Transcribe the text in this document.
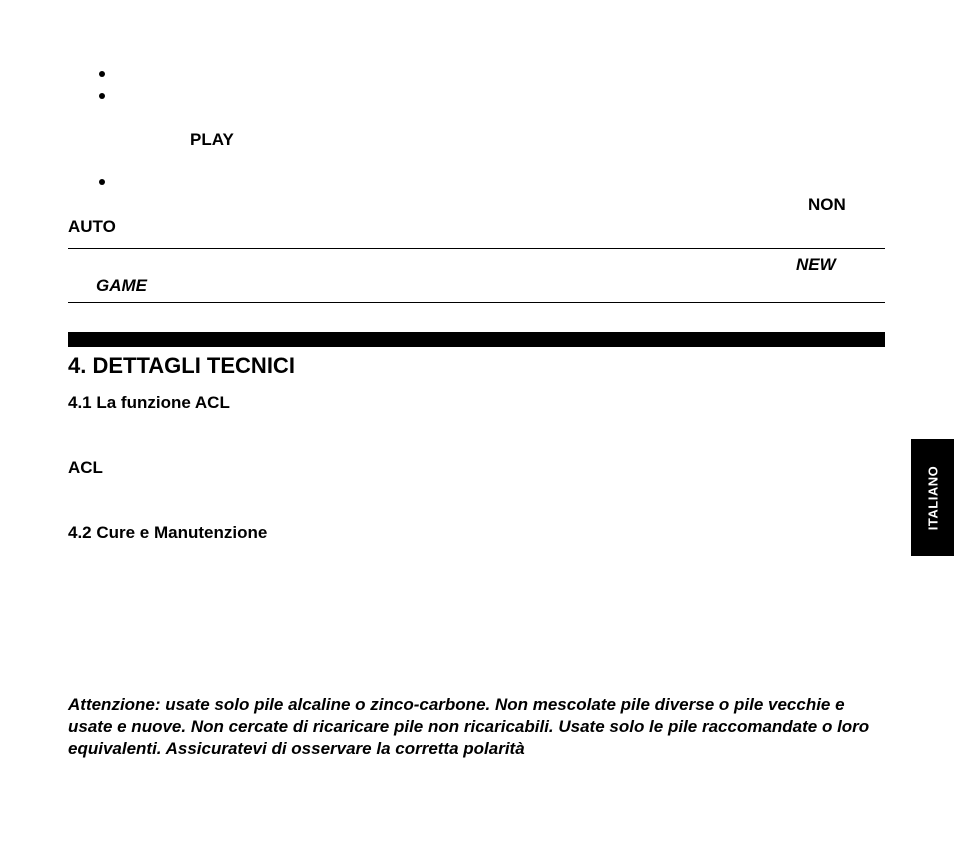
PLAY
NON
AUTO
NEW
GAME
4. DETTAGLI TECNICI
4.1 La funzione ACL
ACL
4.2 Cure e Manutenzione
ITALIANO
Attenzione: usate solo pile alcaline o zinco-carbone. Non mescolate pile diverse o pile vecchie e usate e nuove. Non cercate di ricaricare pile non ricaricabili. Usate solo le pile raccomandate o loro equivalenti. Assicuratevi di osservare la corretta polarità
